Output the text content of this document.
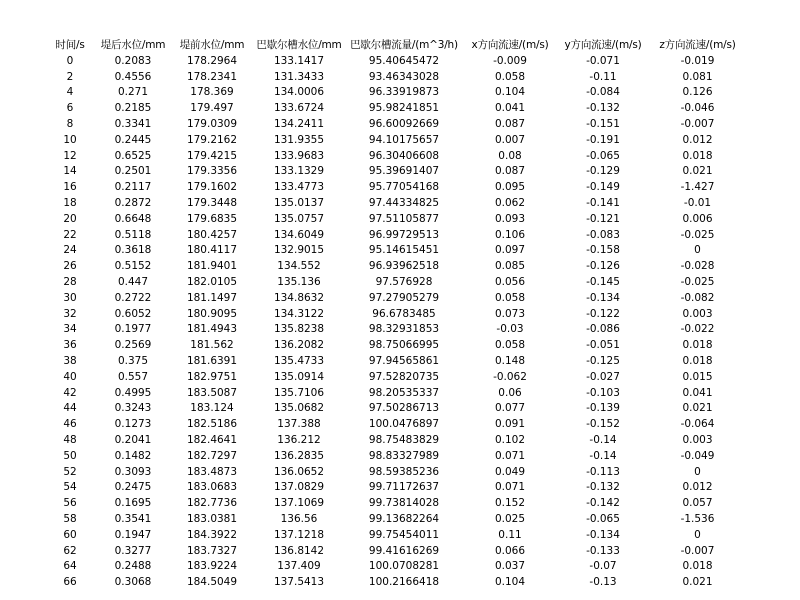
时间/s	堤后水位/mm	堤前水位/mm	巴歇尔槽水位/mm	巴歇尔槽流量/(m^3/h)	x方向流速/(m/s)	y方向流速/(m/s)	z方向流速/(m/s)
0	0.2083	178.2964	133.1417	95.40645472	-0.009	-0.071	-0.019
2	0.4556	178.2341	131.3433	93.46343028	0.058	-0.11	0.081
4	0.271	178.369	134.0006	96.33919873	0.104	-0.084	0.126
6	0.2185	179.497	133.6724	95.98241851	0.041	-0.132	-0.046
8	0.3341	179.0309	134.2411	96.60092669	0.087	-0.151	-0.007
10	0.2445	179.2162	131.9355	94.10175657	0.007	-0.191	0.012
12	0.6525	179.4215	133.9683	96.30406608	0.08	-0.065	0.018
14	0.2501	179.3356	133.1329	95.39691407	0.087	-0.129	0.021
16	0.2117	179.1602	133.4773	95.77054168	0.095	-0.149	-1.427
18	0.2872	179.3448	135.0137	97.44334825	0.062	-0.141	-0.01
20	0.6648	179.6835	135.0757	97.51105877	0.093	-0.121	0.006
22	0.5118	180.4257	134.6049	96.99729513	0.106	-0.083	-0.025
24	0.3618	180.4117	132.9015	95.14615451	0.097	-0.158	0
26	0.5152	181.9401	134.552	96.93962518	0.085	-0.126	-0.028
28	0.447	182.0105	135.136	97.576928	0.056	-0.145	-0.025
30	0.2722	181.1497	134.8632	97.27905279	0.058	-0.134	-0.082
32	0.6052	180.9095	134.3122	96.6783485	0.073	-0.122	0.003
34	0.1977	181.4943	135.8238	98.32931853	-0.03	-0.086	-0.022
36	0.2569	181.562	136.2082	98.75066995	0.058	-0.051	0.018
38	0.375	181.6391	135.4733	97.94565861	0.148	-0.125	0.018
40	0.557	182.9751	135.0914	97.52820735	-0.062	-0.027	0.015
42	0.4995	183.5087	135.7106	98.20535337	0.06	-0.103	0.041
44	0.3243	183.124	135.0682	97.50286713	0.077	-0.139	0.021
46	0.1273	182.5186	137.388	100.0476897	0.091	-0.152	-0.064
48	0.2041	182.4641	136.212	98.75483829	0.102	-0.14	0.003
50	0.1482	182.7297	136.2835	98.83327989	0.071	-0.14	-0.049
52	0.3093	183.4873	136.0652	98.59385236	0.049	-0.113	0
54	0.2475	183.0683	137.0829	99.71172637	0.071	-0.132	0.012
56	0.1695	182.7736	137.1069	99.73814028	0.152	-0.142	0.057
58	0.3541	183.0381	136.56	99.13682264	0.025	-0.065	-1.536
60	0.1947	184.3922	137.1218	99.75454011	0.11	-0.134	0
62	0.3277	183.7327	136.8142	99.41616269	0.066	-0.133	-0.007
64	0.2488	183.9224	137.409	100.0708281	0.037	-0.07	0.018
66	0.3068	184.5049	137.5413	100.2166418	0.104	-0.13	0.021
